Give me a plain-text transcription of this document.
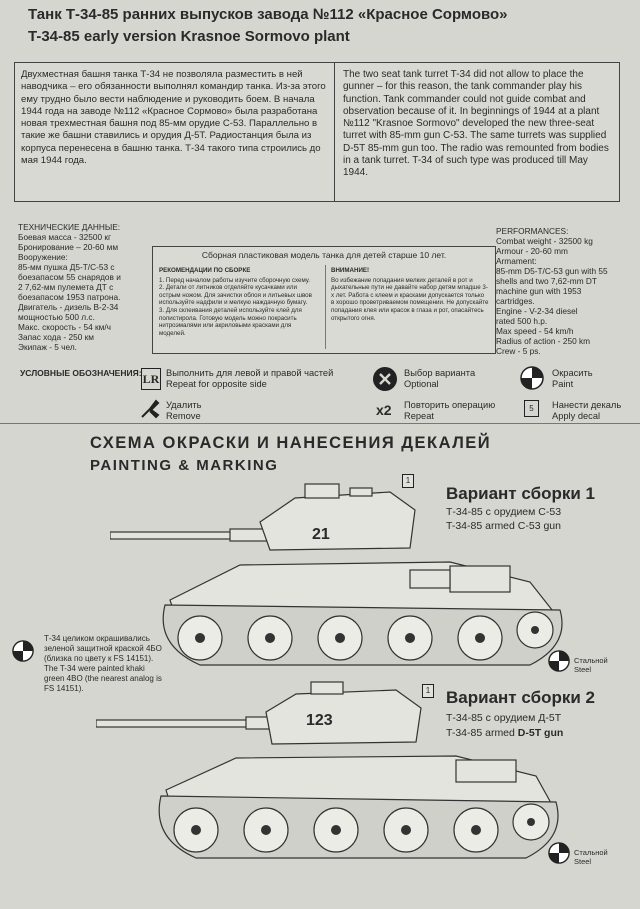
Танк Т-34-85 ранних выпусков завода №112 «Красное Сормово»
T-34-85 early version Krasnoe Sormovo plant
Двухместная башня танка Т-34 не позволяла разместить в ней наводчика – его обязанности выполнял командир танка. Из-за этого ему трудно было вести наблюдение и руководить боем. В начала 1944 года на заводе №112 «Красное Сормово» была разработана новая трехместная башня под 85-мм орудие С-53. Параллельно в такие же башни ставились и орудия Д-5Т. Радиостанция была из корпуса перенесена в башню танка. Т-34 такого типа строились до мая 1944 года.
The two seat tank turret T-34 did not allow to place the gunner – for this reason, the tank commander play his function. Tank commander could not guide combat and observation because of it. In beginnings of 1944 at a plant №112 "Krasnoe Sormovo" developed the new three-seat turret with 85-mm gun C-53. The same turrets was supplied D-5T 85-mm gun too. The radio was remounted from bodies in a tank turret. T-34 of such type was produced till May 1944.
ТЕХНИЧЕСКИЕ ДАННЫЕ:
Боевая масса - 32500 кг
Бронирование – 20-60 мм
Вооружение:
85-мм пушка Д5-Т/С-53 с
боезапасом 55 снарядов и
2 7,62-мм пулемета ДТ с
боезапасом 1953 патрона.
Двигатель - дизель В-2-34
мощностью 500 л.с.
Макс. скорость - 54 км/ч
Запас хода - 250 км
Экипаж - 5 чел.
PERFORMANCES:
Combat weight - 32500 kg
Armour - 20-60 mm
Armament:
85-mm D5-T/C-53 gun with 55
shells and two 7,62-mm DT
machine gun with 1953
cartridges.
Engine - V-2-34 diesel
rated 500 h.p.
Max speed - 54 km/h
Radius of action - 250 km
Crew - 5 ps.
Сборная пластиковая модель танка для детей старше 10 лет.
РЕКОМЕНДАЦИИ ПО СБОРКЕ
1. Перед началом работы изучите сборочную схему.
2. Детали от литников отделяйте кусачками или острым ножом. Для зачистки облоя и литьевых швов используйте надфили и мелкую наждачную бумагу.
3. Для склеивания деталей используйте клей для полистирола. Готовую модель можно покрасить нитроэмалями или акриловыми красками для моделей.
ВНИМАНИЕ!
Во избежание попадания мелких деталей в рот и дыхательные пути не давайте набор детям младше 3-х лет. Работа с клеем и красками допускается только в хорошо проветриваемом помещении. Не допускайте попадания клея или красок в глаза и рот, опасайтесь открытого огня.
УСЛОВНЫЕ ОБОЗНАЧЕНИЯ: LR Выполнить для левой и правой частей
Repeat for opposite side
Удалить
Remove
Выбор варианта
Optional
x2 Повторить операцию
Repeat
Окрасить
Paint
5	Нанести декаль
Apply decal
СХЕМА ОКРАСКИ И НАНЕСЕНИЯ ДЕКАЛЕЙ
PAINTING & MARKING
Вариант сборки 1
Т-34-85 с орудием С-53
T-34-85 armed C-53 gun
21
1
Т-34 целиком окрашивались зеленой защитной краской 4БО (близка по цвету к FS 14151).
The T-34 were painted khaki green 4BO (the nearest analog is FS 14151).
Стальной
Steel
Вариант сборки 2
Т-34-85 с орудием Д-5Т
T-34-85 armed D-5T gun
123
1
Стальной
Steel
